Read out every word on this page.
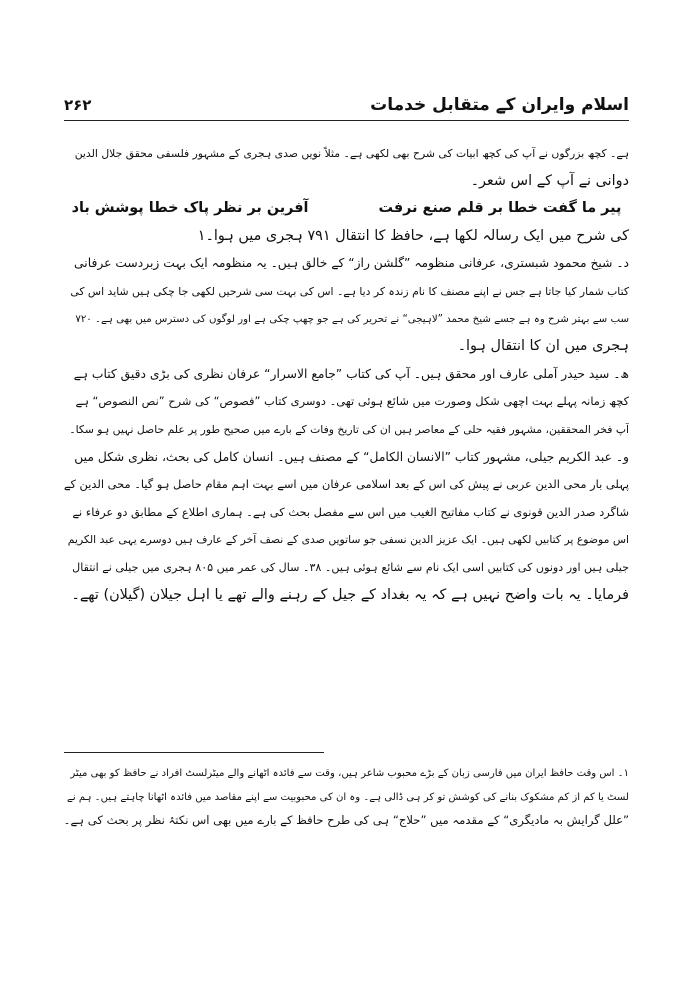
اسلام وایران کے متقابل خدمات
۲۶۲
ہے۔ کچھ بزرگوں نے آپ کی کچھ ابیات کی شرح بھی لکھی ہے۔ مثلاً نویں صدی ہجری کے مشہور فلسفی محقق جلال الدین
دوانی نے آپ کے اس شعر۔
پیر ما گفت خطا بر قلم صنع نرفت
آفرین بر نظر پاک خطا پوشش باد
کی شرح میں ایک رسالہ لکھا ہے، حافظ کا انتقال ۷۹۱ ہجری میں ہوا۔۱
د۔ شیخ محمود شبستری، عرفانی منظومہ ”گلشن راز“ کے خالق ہیں۔ یہ منظومہ ایک بہت زبردست عرفانی
کتاب شمار کیا جاتا ہے جس نے اپنے مصنف کا نام زندہ کر دیا ہے۔ اس کی بہت سی شرحیں لکھی جا چکی ہیں شاید اس کی
سب سے بہتر شرح وہ ہے جسے شیخ محمد ”لاہیجی“ نے تحریر کی ہے جو چھپ چکی ہے اور لوگوں کی دسترس میں بھی ہے۔ ۷۲۰
ہجری میں ان کا انتقال ہوا۔
ھ۔ سید حیدر آملی عارف اور محقق ہیں۔ آپ کی کتاب ”جامع الاسرار“ عرفان نظری کی بڑی دقیق کتاب ہے
کچھ زمانہ پہلے بہت اچھی شکل وصورت میں شائع ہوئی تھی۔ دوسری کتاب ”فصوص“ کی شرح ”نص النصوص“ ہے
آپ فخر المحققین، مشہور فقیہ حلی کے معاصر ہیں ان کی تاریخ وفات کے بارے میں صحیح طور پر علم حاصل نہیں ہو سکا۔
و۔ عبد الکریم جیلی، مشہور کتاب ”الانسان الکامل“ کے مصنف ہیں۔ انسان کامل کی بحث، نظری شکل میں
پہلی بار محی الدین عربی نے پیش کی اس کے بعد اسلامی عرفان میں اسے بہت اہم مقام حاصل ہو گیا۔ محی الدین کے
شاگرد صدر الدین قونوی نے کتاب مفاتیح الغیب میں اس سے مفصل بحث کی ہے۔ ہماری اطلاع کے مطابق دو عرفاء نے
اس موضوع پر کتابیں لکھی ہیں۔ ایک عزیز الدین نسفی جو ساتویں صدی کے نصف آخر کے عارف ہیں دوسرے یہی عبد الکریم
جیلی ہیں اور دونوں کی کتابیں اسی ایک نام سے شائع ہوئی ہیں۔ ۳۸۔ سال کی عمر میں ۸۰۵ ہجری میں جیلی نے انتقال
فرمایا۔ یہ بات واضح نہیں ہے کہ یہ بغداد کے جیل کے رہنے والے تھے یا اہل جیلان (گیلان) تھے۔
۱۔ اس وقت حافظ ایران میں فارسی زبان کے بڑے محبوب شاعر ہیں، وقت سے فائدہ اٹھانے والے میٹرلسٹ افراد نے حافظ کو بھی میٹر
لسٹ یا کم از کم مشکوک بنانے کی کوشش تو کر ہی ڈالی ہے۔ وہ ان کی محبوبیت سے اپنے مقاصد میں فائدہ اٹھانا چاہتے ہیں۔ ہم نے
”علل گرایش بہ مادیگری“ کے مقدمہ میں ”حلاج“ ہی کی طرح حافظ کے بارے میں بھی اس نکتۂ نظر پر بحث کی ہے۔
